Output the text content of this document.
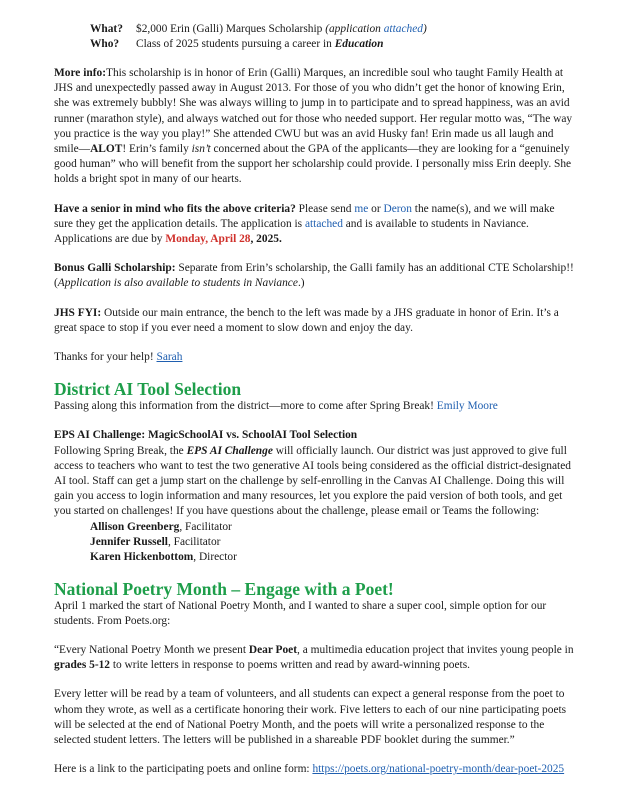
What? $2,000 Erin (Galli) Marques Scholarship (application attached)

Who? Class of 2025 students pursuing a career in Education

More info:This scholarship is in honor of Erin (Galli) Marques, an incredible soul who taught Family Health at JHS and unexpectedly passed away in August 2013. For those of you who didn’t get the honor of knowing Erin, she was extremely bubbly! She was always willing to jump in to participate and to spread happiness, was an avid runner (marathon style), and always watched out for those who needed support. Her regular motto was, “The way you practice is the way you play!” She attended CWU but was an avid Husky fan! Erin made us all laugh and smile—ALOT! Erin’s family isn’t concerned about the GPA of the applicants—they are looking for a “genuinely good human” who will benefit from the support her scholarship could provide. I personally miss Erin deeply. She holds a bright spot in many of our hearts.

Have a senior in mind who fits the above criteria? Please send me or Deron the name(s), and we will make sure they get the application details. The application is attached and is available to students in Naviance. Applications are due by Monday, April 28, 2025.

Bonus Galli Scholarship: Separate from Erin’s scholarship, the Galli family has an additional CTE Scholarship!! (Application is also available to students in Naviance.)

JHS FYI: Outside our main entrance, the bench to the left was made by a JHS graduate in honor of Erin. It’s a great space to stop if you ever need a moment to slow down and enjoy the day.

Thanks for your help! Sarah

District AI Tool Selection

Passing along this information from the district—more to come after Spring Break! Emily Moore

EPS AI Challenge: MagicSchoolAI vs. SchoolAI Tool Selection

Following Spring Break, the EPS AI Challenge will officially launch. Our district was just approved to give full access to teachers who want to test the two generative AI tools being considered as the official district-designated AI tool. Staff can get a jump start on the challenge by self-enrolling in the Canvas AI Challenge. Doing this will gain you access to login information and many resources, let you explore the paid version of both tools, and get you started on challenges! If you have questions about the challenge, please email or Teams the following:

Allison Greenberg, Facilitator

Jennifer Russell, Facilitator

Karen Hickenbottom, Director

National Poetry Month – Engage with a Poet!

April 1 marked the start of National Poetry Month, and I wanted to share a super cool, simple option for our students. From Poets.org:

“Every National Poetry Month we present Dear Poet, a multimedia education project that invites young people in grades 5-12 to write letters in response to poems written and read by award-winning poets.

Every letter will be read by a team of volunteers, and all students can expect a general response from the poet to whom they wrote, as well as a certificate honoring their work. Five letters to each of our nine participating poets will be selected at the end of National Poetry Month, and the poets will write a personalized response to the selected student letters. The letters will be published in a shareable PDF booklet during the summer.”

Here is a link to the participating poets and online form: https://poets.org/national-poetry-month/dear-poet-2025
